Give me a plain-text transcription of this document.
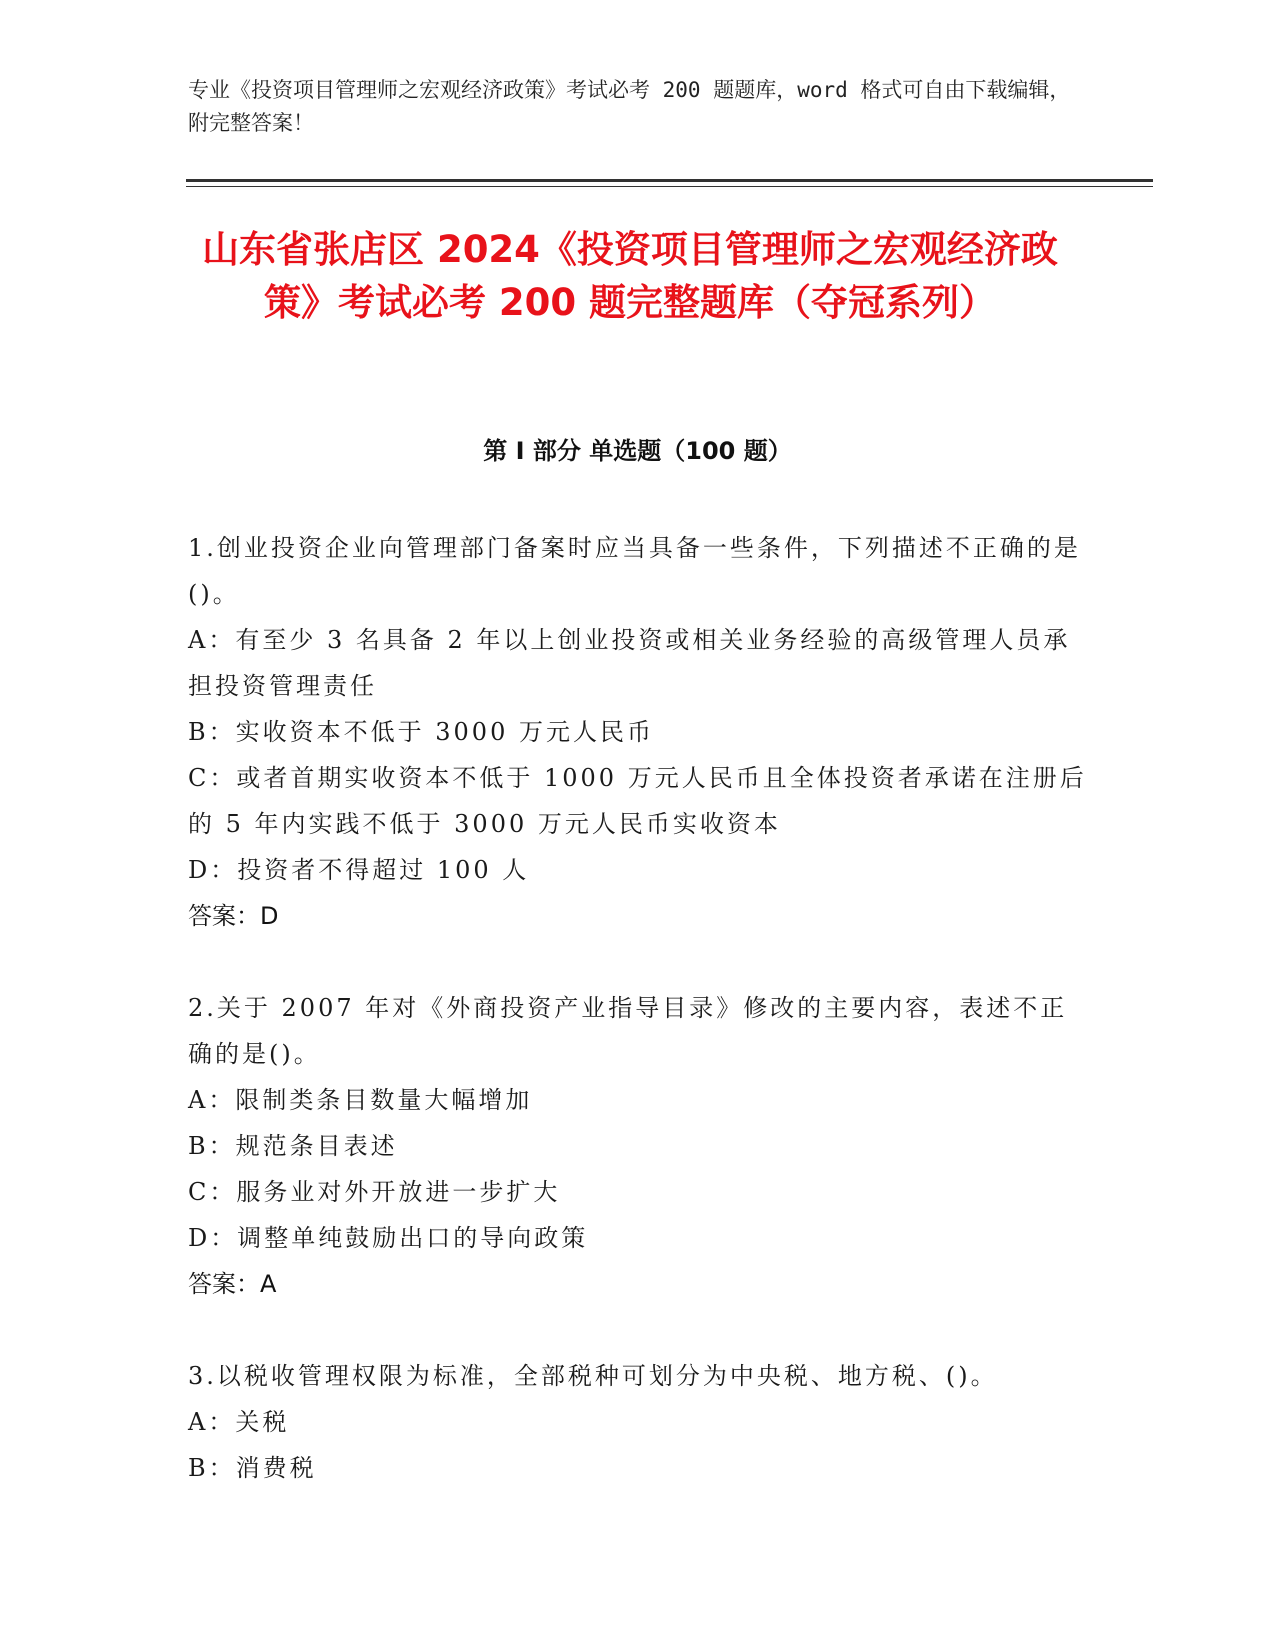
专业《投资项目管理师之宏观经济政策》考试必考 200 题题库，word 格式可自由下载编辑，附完整答案！
山东省张店区 2024《投资项目管理师之宏观经济政策》考试必考 200 题完整题库（夺冠系列）
第 I 部分 单选题（100 题）
1.创业投资企业向管理部门备案时应当具备一些条件，下列描述不正确的是()。
A：有至少 3 名具备 2 年以上创业投资或相关业务经验的高级管理人员承担投资管理责任
B：实收资本不低于 3000 万元人民币
C：或者首期实收资本不低于 1000 万元人民币且全体投资者承诺在注册后的 5 年内实践不低于 3000 万元人民币实收资本
D：投资者不得超过 100 人
答案：D
2.关于 2007 年对《外商投资产业指导目录》修改的主要内容，表述不正确的是()。
A：限制类条目数量大幅增加
B：规范条目表述
C：服务业对外开放进一步扩大
D：调整单纯鼓励出口的导向政策
答案：A
3.以税收管理权限为标准，全部税种可划分为中央税、地方税、()。
A：关税
B：消费税
